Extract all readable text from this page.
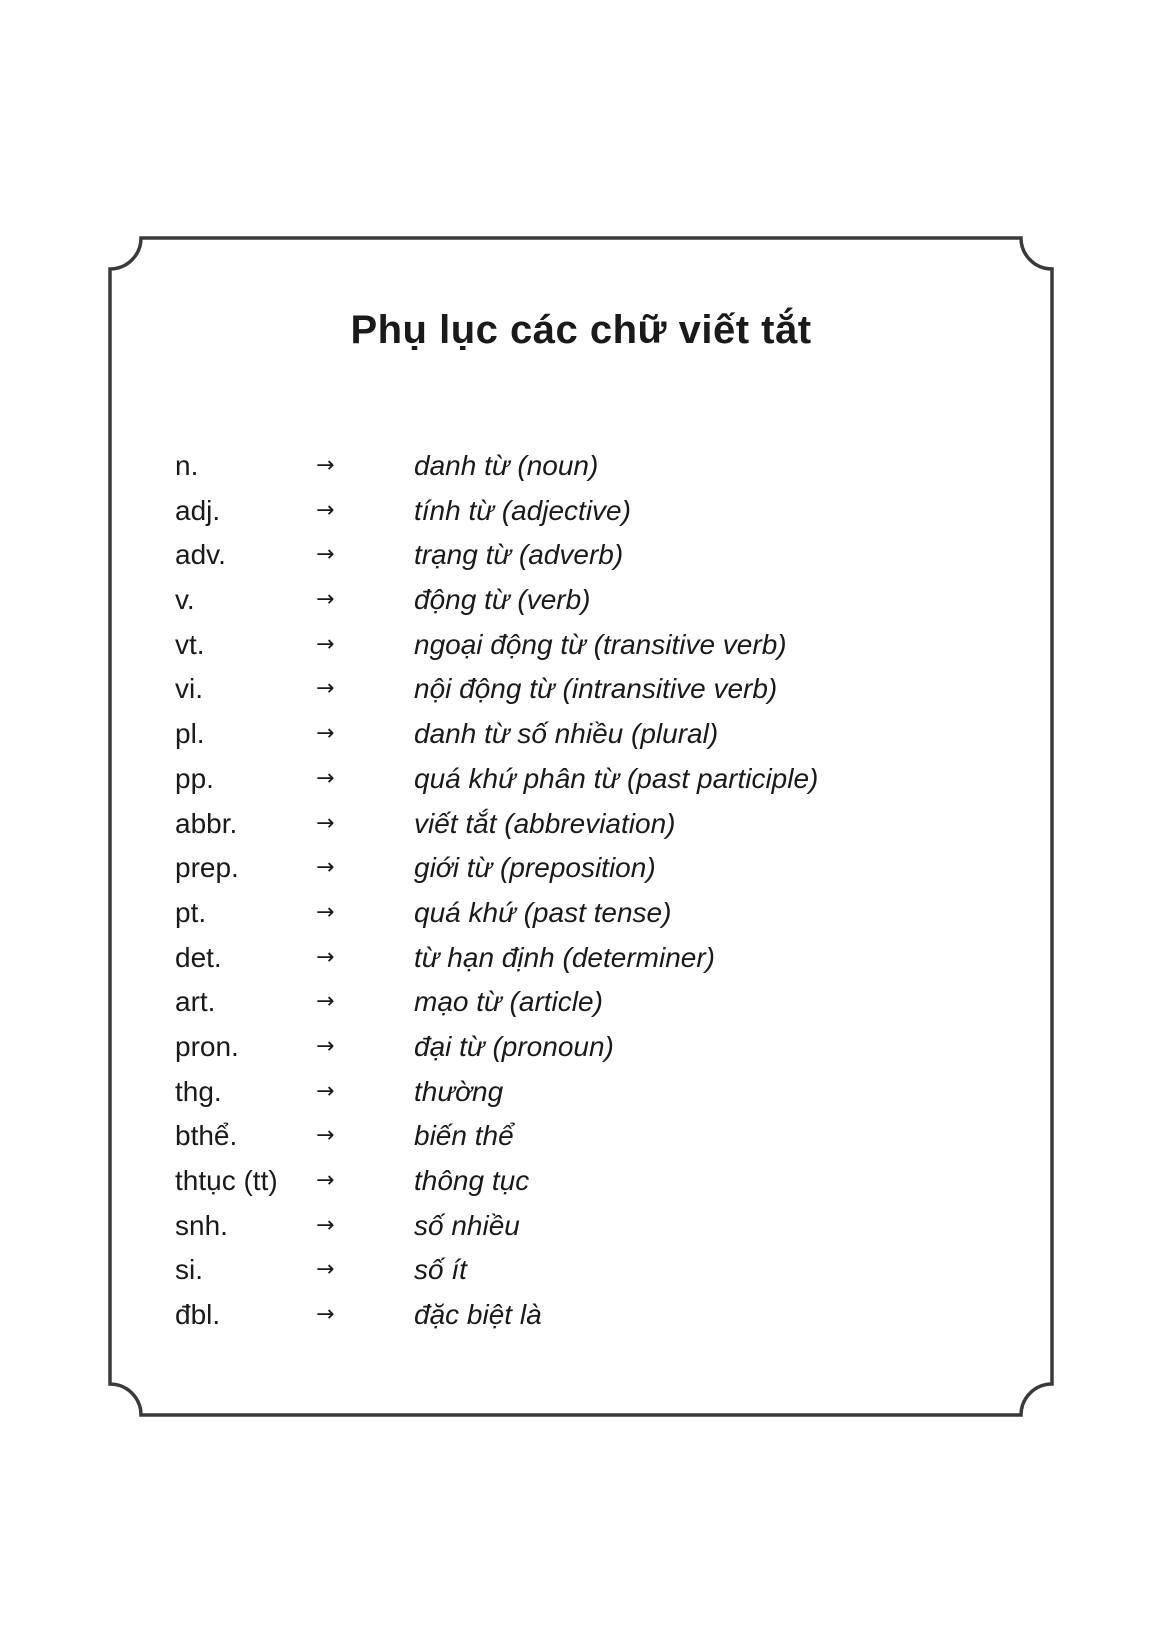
Phụ lục các chữ viết tắt
n.	→	danh từ (noun)
adj.	→	tính từ (adjective)
adv.	→	trạng từ (adverb)
v.	→	động từ (verb)
vt.	→	ngoại động từ (transitive verb)
vi.	→	nội động từ (intransitive verb)
pl.	→	danh từ số nhiều (plural)
pp.	→	quá khứ phân từ (past participle)
abbr.	→	viết tắt (abbreviation)
prep.	→	giới từ (preposition)
pt.	→	quá khứ (past tense)
det.	→	từ hạn định (determiner)
art.	→	mạo từ (article)
pron.	→	đại từ (pronoun)
thg.	→	thường
bthể.	→	biến thể
thtục (tt) →	thông tục
snh.	→	số nhiều
si.	→	số ít
đbl.	→	đặc biệt là
